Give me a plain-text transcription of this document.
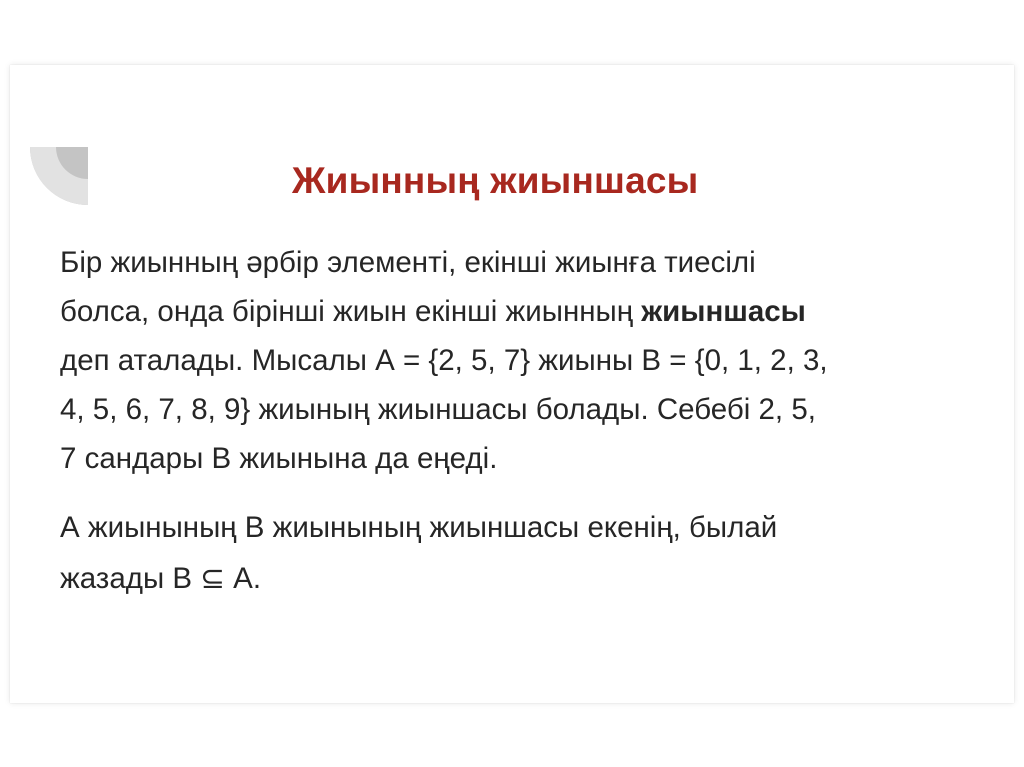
Жиынның жиыншасы
Бір жиынның әрбір элементі, екінші жиынға тиесілі
болса, онда бірінші жиын екінші жиынның жиыншасы
деп аталады. Мысалы А = {2, 5, 7} жиыны В = {0, 1, 2, 3,
4, 5, 6, 7, 8, 9} жиының жиыншасы болады. Себебі 2, 5,
7 сандары В жиынына да еңеді.
А жиынының В жиынының жиыншасы екенің, былай
жазады В ⊆ А.
